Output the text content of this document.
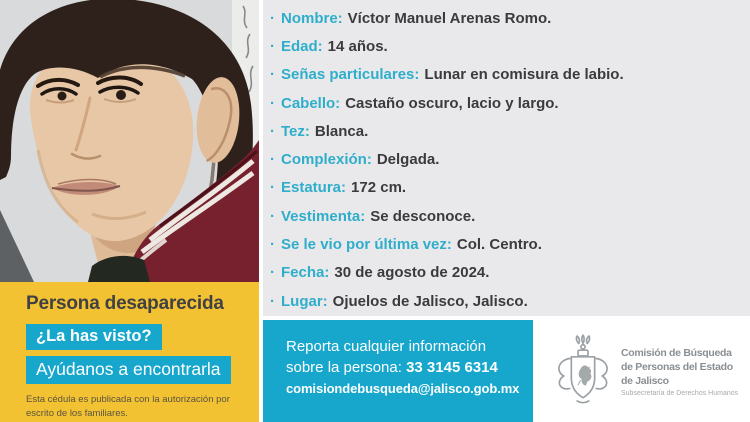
Persona desaparecida
¿La has visto?
Ayúdanos a encontrarla
Esta cédula es publicada con la autorización por escrito de los familiares.
· Nombre: Víctor Manuel Arenas Romo.
· Edad: 14 años.
· Señas particulares: Lunar en comisura de labio.
· Cabello: Castaño oscuro, lacio y largo.
· Tez: Blanca.
· Complexión: Delgada.
· Estatura: 172 cm.
· Vestimenta: Se desconoce.
· Se le vio por última vez: Col. Centro.
· Fecha: 30 de agosto de 2024.
· Lugar: Ojuelos de Jalisco, Jalisco.
Reporta cualquier información
sobre la persona: 33 3145 6314
comisiondebusqueda@jalisco.gob.mx
Comisión de Búsqueda
de Personas del Estado
de Jalisco
Subsecretaría de Derechos Humanos
